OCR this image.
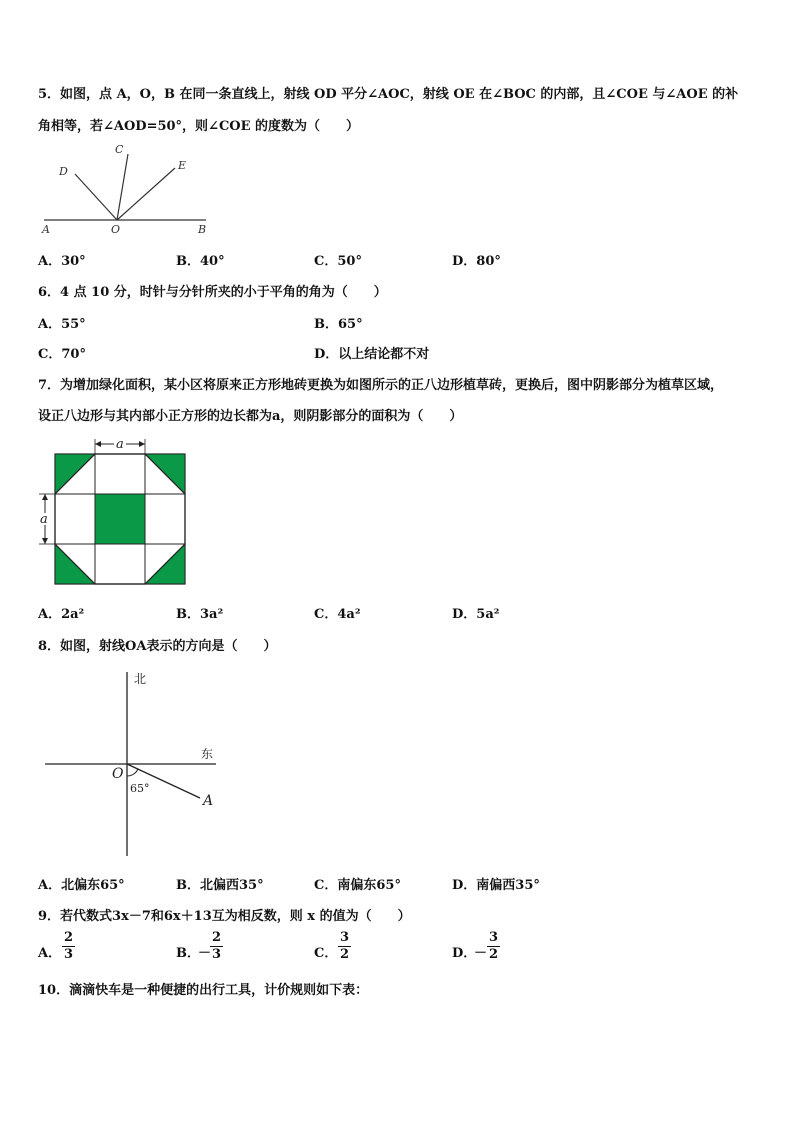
5．如图，点 A，O，B 在同一条直线上，射线 OD 平分∠AOC，射线 OE 在∠BOC 的内部，且∠COE 与∠AOE 的补
角相等，若∠AOD=50°，则∠COE 的度数为（　　）
A	O	B
C
D	E
A．30°	B．40°	C．50°	D．80°
6．4 点 10 分，时针与分针所夹的小于平角的角为（　　）
A．55°	B．65°
C．70°	D．以上结论都不对
7．为增加绿化面积，某小区将原来正方形地砖更换为如图所示的正八边形植草砖，更换后，图中阴影部分为植草区域，
设正八边形与其内部小正方形的边长都为a，则阴影部分的面积为（　　）
a
a
A．2a²	B．3a²	C．4a²	D．5a²
8．如图，射线OA表示的方向是（　　）
北
东
O
65°
A
A．北偏东65°	B．北偏西35°	C．南偏东65°	D．南偏西35°
9．若代数式3x－7和6x＋13互为相反数，则 x 的值为（　　）
A． $\frac{2}{3}$	B．
－
$\frac{2}{3}$	C． $\frac{3}{2}$	D．
－ $\frac{3}{2}$
10．滴滴快车是一种便捷的出行工具，计价规则如下表：
